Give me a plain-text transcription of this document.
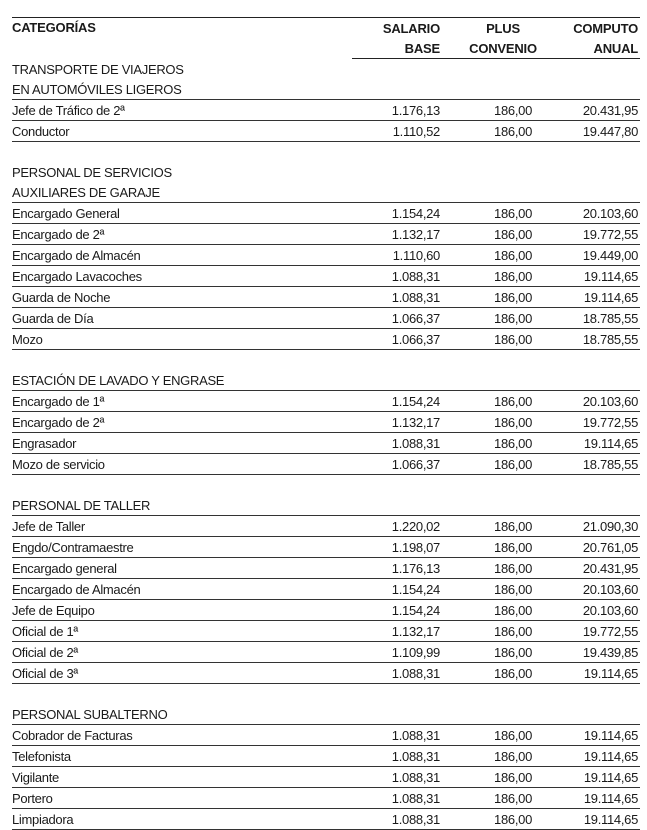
CATEGORÍAS	SALARIO	PLUS	COMPUTO
	BASE	CONVENIO	ANUAL
TRANSPORTE DE VIAJEROS			
EN AUTOMÓVILES LIGEROS			
Jefe de Tráfico de 2ª	1.176,13	186,00	20.431,95
Conductor	1.110,52	186,00	19.447,80

PERSONAL DE SERVICIOS			
AUXILIARES DE GARAJE			
Encargado General	1.154,24	186,00	20.103,60
Encargado de 2ª	1.132,17	186,00	19.772,55
Encargado de Almacén	1.110,60	186,00	19.449,00
Encargado Lavacoches	1.088,31	186,00	19.114,65
Guarda de Noche	1.088,31	186,00	19.114,65
Guarda de Día	1.066,37	186,00	18.785,55
Mozo	1.066,37	186,00	18.785,55

ESTACIÓN DE LAVADO Y ENGRASE			
Encargado de 1ª	1.154,24	186,00	20.103,60
Encargado de 2ª	1.132,17	186,00	19.772,55
Engrasador	1.088,31	186,00	19.114,65
Mozo de servicio	1.066,37	186,00	18.785,55

PERSONAL DE TALLER			
Jefe de Taller	1.220,02	186,00	21.090,30
Engdo/Contramaestre	1.198,07	186,00	20.761,05
Encargado general	1.176,13	186,00	20.431,95
Encargado de Almacén	1.154,24	186,00	20.103,60
Jefe de Equipo	1.154,24	186,00	20.103,60
Oficial de 1ª	1.132,17	186,00	19.772,55
Oficial de 2ª	1.109,99	186,00	19.439,85
Oficial de 3ª	1.088,31	186,00	19.114,65

PERSONAL SUBALTERNO			
Cobrador de Facturas	1.088,31	186,00	19.114,65
Telefonista	1.088,31	186,00	19.114,65
Vigilante	1.088,31	186,00	19.114,65
Portero	1.088,31	186,00	19.114,65
Limpiadora	1.088,31	186,00	19.114,65
